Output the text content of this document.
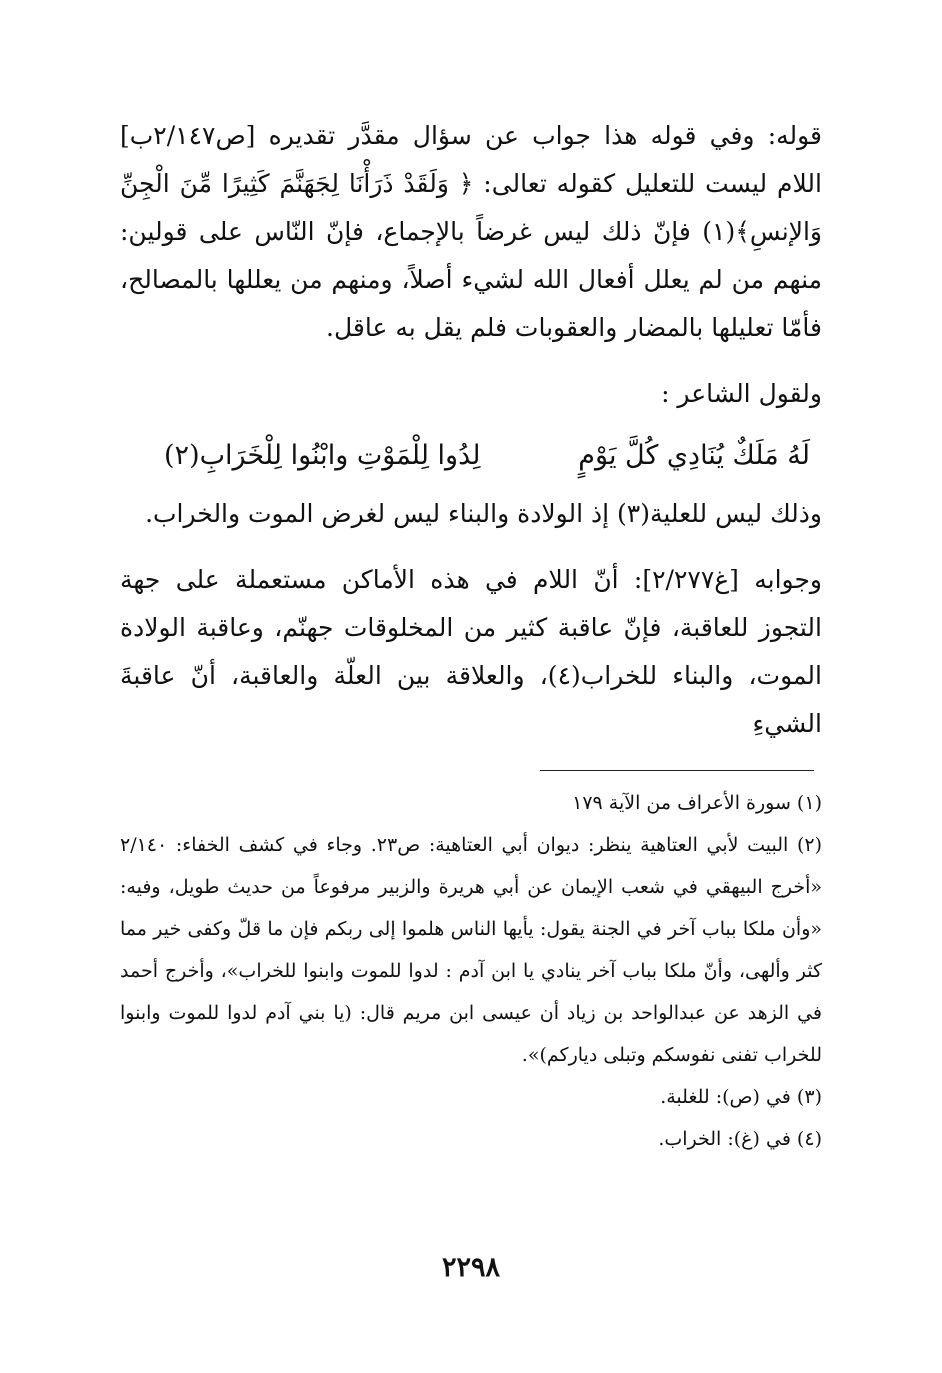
قوله: وفي قوله هذا جواب عن سؤال مقدَّر تقديره [ص٢/١٤٧ب] اللام ليست للتعليل كقوله تعالى: ﴿ وَلَقَدْ ذَرَأْنَا لِجَهَنَّمَ كَثِيرًا مِّنَ الْجِنِّ وَالإنسِ﴾(١) فإنّ ذلك ليس غرضاً بالإجماع، فإنّ النّاس على قولين: منهم من لم يعلل أفعال الله لشيء أصلاً، ومنهم من يعللها بالمصالح، فأمّا تعليلها بالمضار والعقوبات فلم يقل به عاقل.

ولقول الشاعر :

لَهُ مَلَكٌ يُنَادِي كُلَّ يَوْمٍ
لِدُوا لِلْمَوْتِ وابْنُوا لِلْخَرَابِ(٢)

وذلك ليس للعلية(٣) إذ الولادة والبناء ليس لغرض الموت والخراب.

وجوابه [غ٢/٢٧٧]: أنّ اللام في هذه الأماكن مستعملة على جهة التجوز للعاقبة، فإنّ عاقبة كثير من المخلوقات جهنّم، وعاقبة الولادة الموت، والبناء للخراب(٤)، والعلاقة بين العلّة والعاقبة، أنّ عاقبةَ الشيءِ

(١) سورة الأعراف من الآية ١٧٩

(٢) البيت لأبي العتاهية ينظر: ديوان أبي العتاهية: ص٢٣. وجاء في كشف الخفاء: ٢/١٤٠ «أخرج البيهقي في شعب الإيمان عن أبي هريرة والزبير مرفوعاً من حديث طويل، وفيه: «وأن ملكا بباب آخر في الجنة يقول: يأيها الناس هلموا إلى ربكم فإن ما قلّ وكفى خير مما كثر وألهى، وأنّ ملكا بباب آخر ينادي يا ابن آدم : لدوا للموت وابنوا للخراب»، وأخرج أحمد في الزهد عن عبدالواحد بن زياد أن عيسى ابن مريم قال: (يا بني آدم لدوا للموت وابنوا للخراب تفنى نفوسكم وتبلى دياركم)».

(٣) في (ص): للغلبة.

(٤) في (غ): الخراب.

٢٢٩٨
